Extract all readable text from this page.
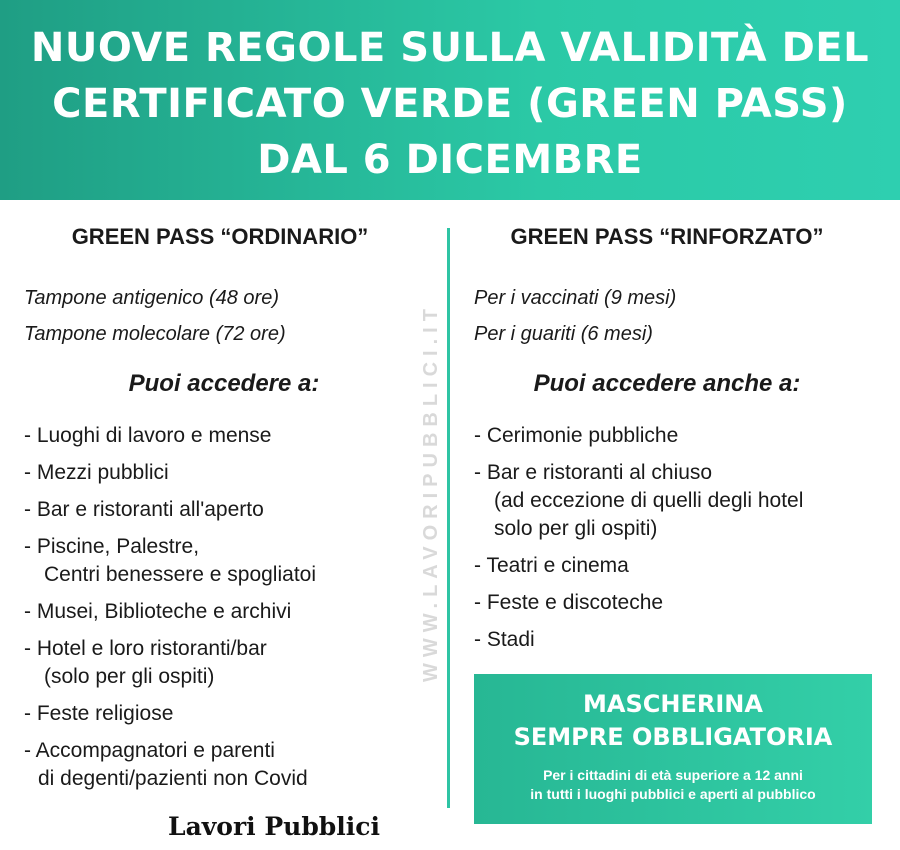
NUOVE REGOLE SULLA VALIDITÀ DEL
CERTIFICATO VERDE (GREEN PASS)
DAL 6 DICEMBRE
GREEN PASS “ORDINARIO”	GREEN PASS “RINFORZATO”
Tampone antigenico (48 ore)
Tampone molecolare (72 ore)
Per i vaccinati (9 mesi)
Per i guariti (6 mesi)
Puoi accedere a:	Puoi accedere anche a:
- Luoghi di lavoro e mense
- Mezzi pubblici
- Bar e ristoranti all'aperto
- Piscine, Palestre,
Centri benessere e spogliatoi
- Musei, Biblioteche e archivi
- Hotel e loro ristoranti/bar
(solo per gli ospiti)
- Feste religiose
- Accompagnatori e parenti
di degenti/pazienti non Covid
- Cerimonie pubbliche
- Bar e ristoranti al chiuso
(ad eccezione di quelli degli hotel
solo per gli ospiti)
- Teatri e cinema
- Feste e discoteche
- Stadi
WWW.LAVORIPUBBLICI.IT
MASCHERINA
SEMPRE OBBLIGATORIA
Per i cittadini di età superiore a 12 anni
in tutti i luoghi pubblici e aperti al pubblico
Lavori Pubblici
